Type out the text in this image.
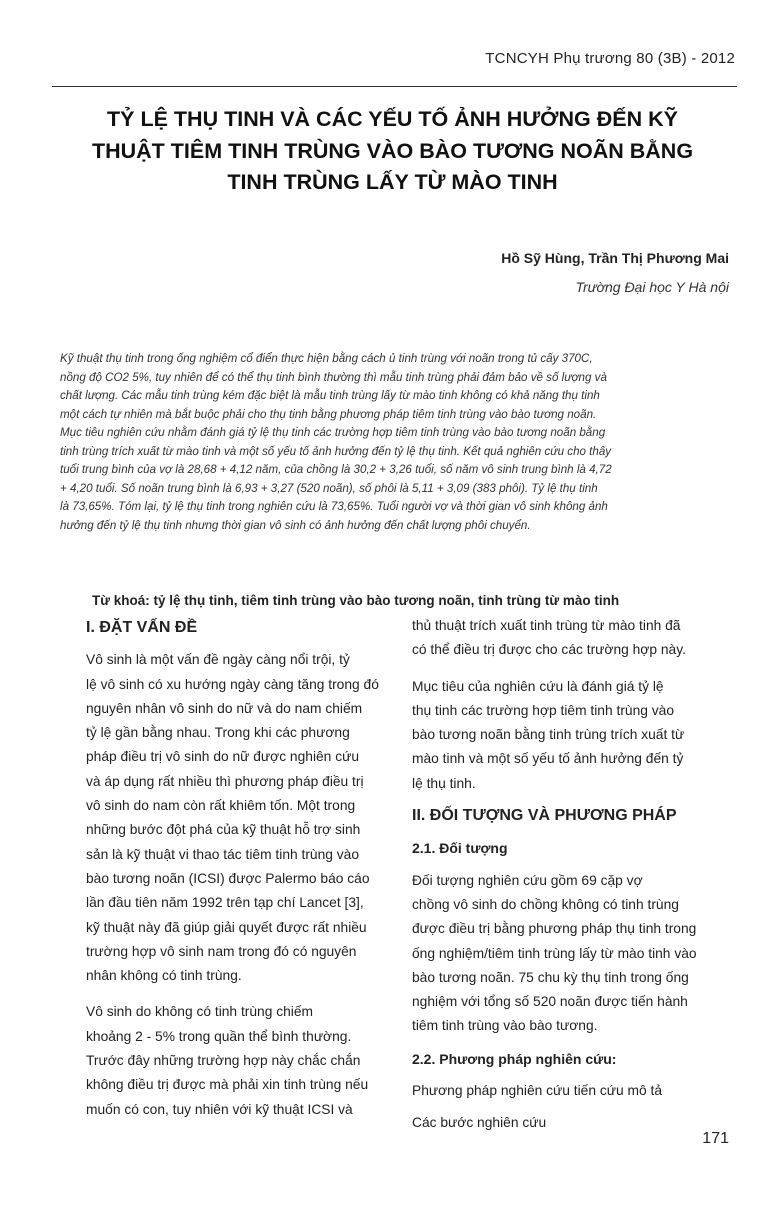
TCNCYH Phụ trương 80 (3B) - 2012
TỶ LỆ THỤ TINH VÀ CÁC YẾU TỐ ẢNH HƯỞNG ĐẾN KỸ
THUẬT TIÊM TINH TRÙNG VÀO BÀO TƯƠNG NOÃN BẰNG
TINH TRÙNG LẤY TỪ MÀO TINH
Hồ Sỹ Hùng, Trần Thị Phương Mai
Trường Đại học Y Hà nội
Kỹ thuật thụ tinh trong ống nghiệm cổ điển thực hiện bằng cách ủ tinh trùng với noãn trong tủ cấy 370C,
nồng độ CO2 5%, tuy nhiên để có thể thụ tinh bình thường thì mẫu tinh trùng phải đảm bảo về số lượng và
chất lượng. Các mẫu tinh trùng kém đặc biệt là mẫu tinh trùng lấy từ mào tinh không có khả năng thụ tinh
một cách tự nhiên mà bắt buộc phải cho thụ tinh bằng phương pháp tiêm tinh trùng vào bào tương noãn.
Mục tiêu nghiên cứu nhằm đánh giá tỷ lệ thụ tinh các trường hợp tiêm tinh trùng vào bào tương noãn bằng
tinh trùng trích xuất từ mào tinh và một số yếu tố ảnh hưởng đến tỷ lệ thụ tinh. Kết quả nghiên cứu cho thấy
tuổi trung bình của vợ là 28,68 + 4,12 năm, của chồng là 30,2 + 3,26 tuổi, số năm vô sinh trung bình là 4,72
+ 4,20 tuổi. Số noãn trung bình là 6,93 + 3,27 (520 noãn), số phôi là 5,11 + 3,09 (383 phôi). Tỷ lệ thụ tinh
là 73,65%. Tóm lại, tỷ lệ thụ tinh trong nghiên cứu là 73,65%. Tuổi người vợ và thời gian vô sinh không ảnh
hưởng đến tỷ lệ thụ tinh nhưng thời gian vô sinh có ảnh hưởng đến chất lượng phôi chuyển.
Từ khoá: tỷ lệ thụ tinh, tiêm tinh trùng vào bào tương noãn, tinh trùng từ mào tinh
I. ĐẶT VẤN ĐỀ
Vô sinh là một vấn đề ngày càng nổi trội, tỷ
lệ vô sinh có xu hướng ngày càng tăng trong đó
nguyên nhân vô sinh do nữ và do nam chiếm
tỷ lệ gần bằng nhau. Trong khi các phương
pháp điều trị vô sinh do nữ được nghiên cứu
và áp dụng rất nhiều thì phương pháp điều trị
vô sinh do nam còn rất khiêm tốn. Một trong
những bước đột phá của kỹ thuật hỗ trợ sinh
sản là kỹ thuật vi thao tác tiêm tinh trùng vào
bào tương noãn (ICSI) được Palermo báo cáo
lần đầu tiên năm 1992 trên tạp chí Lancet [3],
kỹ thuật này đã giúp giải quyết được rất nhiều
trường hợp vô sinh nam trong đó có nguyên
nhân không có tinh trùng.
Vô sinh do không có tinh trùng chiếm
khoảng 2 - 5% trong quần thể bình thường.
Trước đây những trường hợp này chắc chắn
không điều trị được mà phải xin tinh trùng nếu
muốn có con, tuy nhiên với kỹ thuật ICSI và
thủ thuật trích xuất tinh trùng từ mào tinh đã
có thể điều trị được cho các trường hợp này.
Mục tiêu của nghiên cứu là đánh giá tỷ lệ
thụ tinh các trường hợp tiêm tinh trùng vào
bào tương noãn bằng tinh trùng trích xuất từ
mào tinh và một số yếu tố ảnh hưởng đến tỷ
lệ thụ tinh.
II. ĐỐI TƯỢNG VÀ PHƯƠNG PHÁP
2.1. Đối tượng
Đối tượng nghiên cứu gồm 69 cặp vợ
chồng vô sinh do chồng không có tinh trùng
được điều trị bằng phương pháp thụ tinh trong
ống nghiệm/tiêm tinh trùng lấy từ mào tinh vào
bào tương noãn. 75 chu kỳ thụ tinh trong ống
nghiệm với tổng số 520 noãn được tiến hành
tiêm tinh trùng vào bào tương.
2.2. Phương pháp nghiên cứu:
Phương pháp nghiên cứu tiến cứu mô tả
Các bước nghiên cứu
171
